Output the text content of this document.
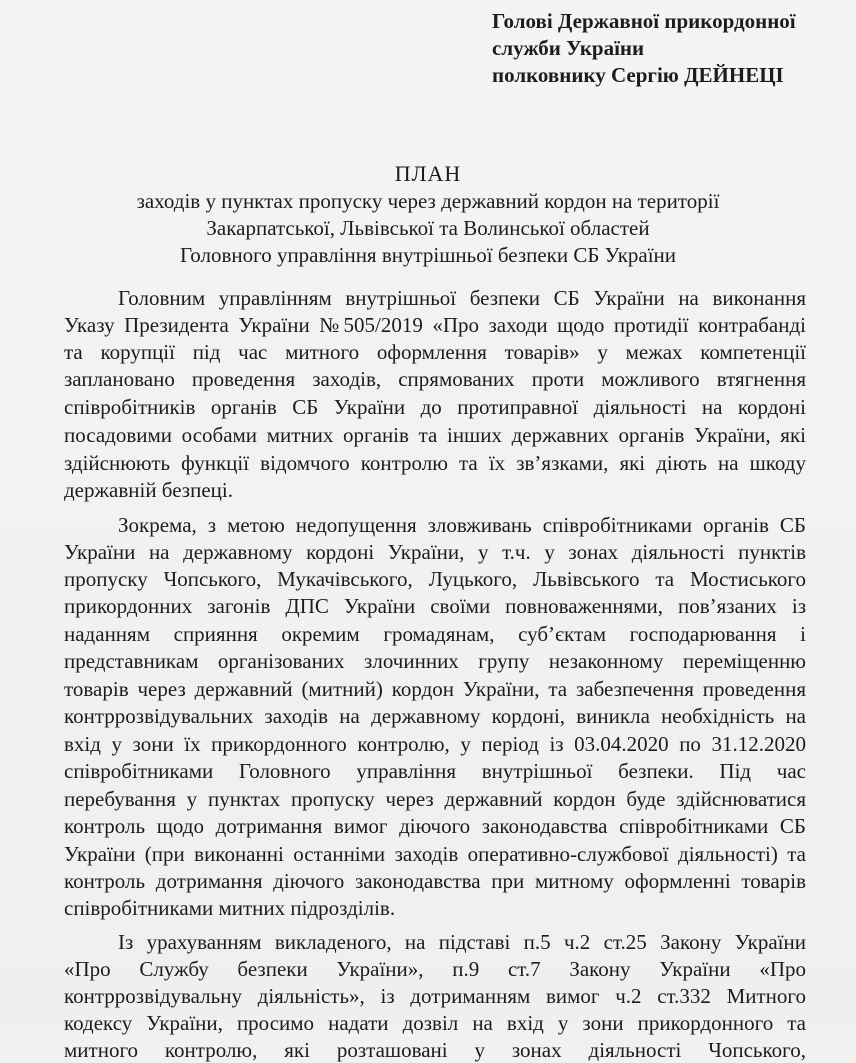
Голові Державної прикордонної
служби України
полковнику Сергію ДЕЙНЕЦІ
ПЛАН
заходів у пунктах пропуску через державний кордон на території
Закарпатської, Львівської та Волинської областей
Головного управління внутрішньої безпеки СБ України
Головним управлінням внутрішньої безпеки СБ України на виконання
Указу Президента України №505/2019 «Про заходи щодо протидії контрабанді
та корупції під час митного оформлення товарів» у межах компетенції
заплановано проведення заходів, спрямованих проти можливого втягнення
співробітників органів СБ України до протиправної діяльності на кордоні
посадовими особами митних органів та інших державних органів України, які
здійснюють функції відомчого контролю та їх зв’язками, які діють на шкоду
державній безпеці.
Зокрема, з метою недопущення зловживань співробітниками органів СБ
України на державному кордоні України, у т.ч. у зонах діяльності пунктів
пропуску Чопського, Мукачівського, Луцького, Львівського та Мостиського
прикордонних загонів ДПС України своїми повноваженнями, пов’язаних із
наданням сприяння окремим громадянам, суб’єктам господарювання і
представникам організованих злочинних групу незаконному переміщенню
товарів через державний (митний) кордон України, та забезпечення проведення
контррозвідувальних заходів на державному кордоні, виникла необхідність на
вхід у зони їх прикордонного контролю, у період із 03.04.2020 по 31.12.2020
співробітниками Головного управління внутрішньої безпеки. Під час
перебування у пунктах пропуску через державний кордон буде здійснюватися
контроль щодо дотримання вимог діючого законодавства співробітниками СБ
України (при виконанні останніми заходів оперативно-службової діяльності) та
контроль дотримання діючого законодавства при митному оформленні товарів
співробітниками митних підрозділів.
Із урахуванням викладеного, на підставі п.5 ч.2 ст.25 Закону України
«Про Службу безпеки України», п.9 ст.7 Закону України «Про
контррозвідувальну діяльність», із дотриманням вимог ч.2 ст.332 Митного
кодексу України, просимо надати дозвіл на вхід у зони прикордонного та
митного контролю, які розташовані у зонах діяльності Чопського,
